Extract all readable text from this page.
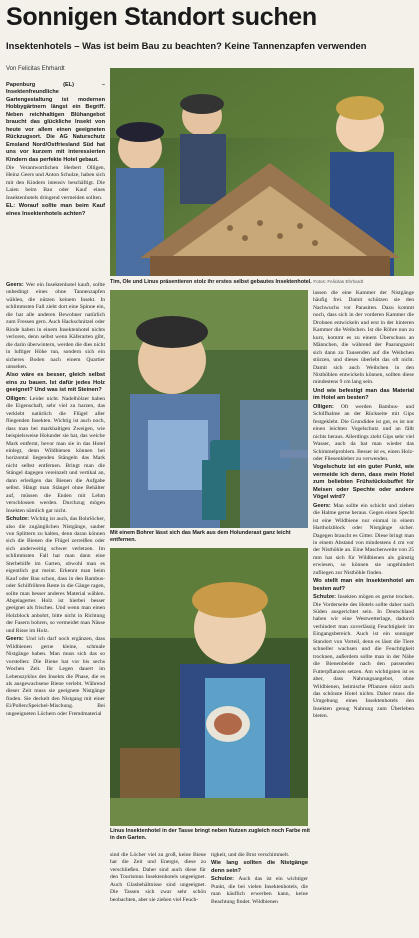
Sonnigen Standort suchen
Insektenhotels – Was ist beim Bau zu beachten? Keine Tannenzapfen verwenden
Von Felicitas Ehrhardt

Papenburg (EL)	– Insektenfreundliche Gartengestaltung ist modernen Hobbygärtnern längst ein Begriff. Neben reichhaltigen Blühangebot braucht das glückliche Insekt von heute vor allem einen geeigneten Rückzugsort. Die AG Naturschutz Emsland Nord/Ostfriesland Süd hat uns vor kurzem mit interessierten Kindern das perfekte Hotel gebaut.

Die Verantwortlichen Herbert Olligen, Heinz Geers und Anton Schulze, haben sich mit den Kindern intensiv beschäftigt. Die Laien beim Bau oder Kauf eines Insektenhotels dringend vermeiden sollten.

EL: Worauf sollte man beim Kauf eines Insektenhotels achten?

Geers: Wer ein Insektenhotel kauft, sollte unbedingt eines ohne Tannenzapfen wählen, die nützen keinem Insekt. In schlimmsten Fall zieht dort eine Spinne ein, die hat alle anderen Bewohner natürlich zum Fressen gern. Auch Hackschnitzel oder Rinde haben in einem Insektenhotel nichts verloren, denn selbst wenn Käferarten gibt, die darin überwintern, werden die dies nicht in luftiger Höhe tun, sondern sich ein sicheres Boden nach einem Quartier umsehen.

Also wäre es besser, gleich selbst eins zu bauen. Ist dafür jedes Holz geeignet? Und was ist mit Steinen?

Olligen: Leider nicht. Nadelhölzer haben die Eigenschaft, sehr viel zu harzen, das verklebt natürlich die Flügel aller fliegenden Insekten. Wichtig ist auch noch, dass man bei markhaltigen Zweigen, wie beispielsweise Holunder sie hat, das weiche Mark entfernt, bevor man sie in das Hotel einlegt, denn Wildbienen können bei horizontal liegenden Stängeln das Mark nicht selbst entfernen. Bringt man die Stängel dagegen vereinzelt und vertikal an, dann erledigen das Bienen die Aufgabe selbst. Hängt man Stängel ohne Behälter auf, müssen die Enden mit Lehm verschlossen werden. Durchzug mögen Insekten nämlich gar nicht.

Schulze: Wichtig ist auch, das Bohrlöcher, also die zugänglichen Nistgänge, sauber von Splittern zu halten, denn daran können sich die Bienen die Flügel zerreißen oder sich anderweitig schwer verletzen. Im schlimmsten Fall hat man dann eine Sterbehilfe im Garten, obwohl man es eigentlich gut meint. Erkennt man beim Kauf oder Bau schon, dass in den Bambus- oder Schilfröhren Reste in die Gänge ragen, sollte man besser anderes Material wählen. Abgelagertes Holz ist hierbei besser geeignet als frisches. Und wenn man einen Holzblock anbohrt, bitte nicht in Richtung der Fasern bohren, so vermeidet man Nässe und Risse im Holz.

Geers: Und ich darf noch ergänzen, dass Wildbienen gerne kleine, schmale Nistgänge haben. Man muss sich das so vorstellen: Die Biene hat vor bis sechs Wochen Zeit. Ihr Legen dauert im Lebenszyklus des Insekts die Phase, die es als ausgewachsene Biene verlebt. Während dieser Zeit muss sie geeignete Nistgänge finden. Sie deckelt den Nistgang mit einer Ei/Pollen/Speichel-Mischung. Bei ungeeigneten Löchern oder Fremdmaterial

Tim, Ole und Linus präsentieren stolz ihr erstes selbst gebautes Insektenhotel. Fotos: Felicitas Ehrhardt
Mit einem Bohrer lässt sich das Mark aus dem Holunderast ganz leicht entfernen.
Linus Insektenhotel in der Tasse bringt neben Nutzen zugleich noch Farbe mit in den Garten.

lassen die eine Kammer der Nistgänge häufig frei. Damit schützen sie den Nachwuchs vor Parasiten. Dazu kommt noch, dass sich in der vorderen Kammer die Drohnen entwickeln und erst in der hinteren Kammer die Weibchen. Ist die Röhre nun zu kurz, kommt es zu einem Überschuss an Männchen, die während der Paarungszeit sich dann zu Tausenden auf die Weibchen stürzen, und dieses überlebt das oft nicht. Damit sich auch Weibchen in den Nisthöhlen entwickeln können, sollten diese mindestens 9 cm lang sein.

Und wie befestigt man das Material im Hotel am besten?

Olligen: Oft werden Bambus- und Schilfhalme an der Rückseite mit Gips festgeklebt. Die Grundidee ist gut, es ist nur einen leichten Vogelschutz und an fällt nichts heraus. Allerdings zieht Gips sehr viel Wasser, auch da hat man wieder das Schimmelproblem. Besser ist es, einen Holz- oder Fliesenkleber zu verwenden.

Vogelschutz ist ein guter Punkt, wie vermeide ich denn, dass mein Hotel zum beliebten Frühstücksbuffet für Meisen oder Spechte oder andere Vögel wird?

Geers: Man sollte ein schicht und ziehen die Halme gerne heraus. Gegen einen Specht ist eine Wildbiene nur einmal in einem Hartholzblock oder Nistgänge sicher. Dagegen braucht es Gitter. Diese bringt man in einem Abstand von mindestens 4 cm vor der Nisthöhle an. Eine Maschenweite von 25 mm hat sich für Wildbienen als günstig erwiesen, so können sie ungehindert zufliegen zur Nisthöhle finden.

Wo stellt man ein Insektenhotel am besten auf?

Schulze: Insekten mögen es gerne trocken. Die Vorderseite des Hotels sollte daher nach Süden ausgerichtet sein. In Deutschland haben wir eine Westwetterlage, dadurch verhindert man zuverlässig Feuchtigkeit im Eingangsbereich. Auch ist ein sonniger Standort von Vorteil, denn es lässt die Tiere schneller wachsen und die Feuchtigkeit trocknen, außerdem sollte man in der Nähe die Bienenbeide nach den passenden Futterpflanzen setzen. Am wichtigsten ist es aber, dass Nahrungsangebot, ohne Wildbienen, heimische Pflanzen nützt auch das schönste Hotel nichts. Daher muss die Umgebung eines Insektenhotels den Insekten genug Nahrung zum Überleben bieten.

sind die Löcher viel zu groß, keine Biene hat die Zeit und Energie, diese zu verschließen. Daher sind auch diese für den Tourismus Insektenhotels ungeeignet. Auch Glasbehältnisse sind ungeeignet. Die Tassen sich zwar sehr schön beobachten, aber sie ziehen viel Feuch-

tigkeit, und die Brut verschimmelt.

Wie lang sollten die Nistgänge denn sein?

Schulze: Auch das ist ein wichtiger Punkt, die bei vielen Insektenhotels, die man käuflich erwerben kann, keine Beachtung findet. Wildbienen
